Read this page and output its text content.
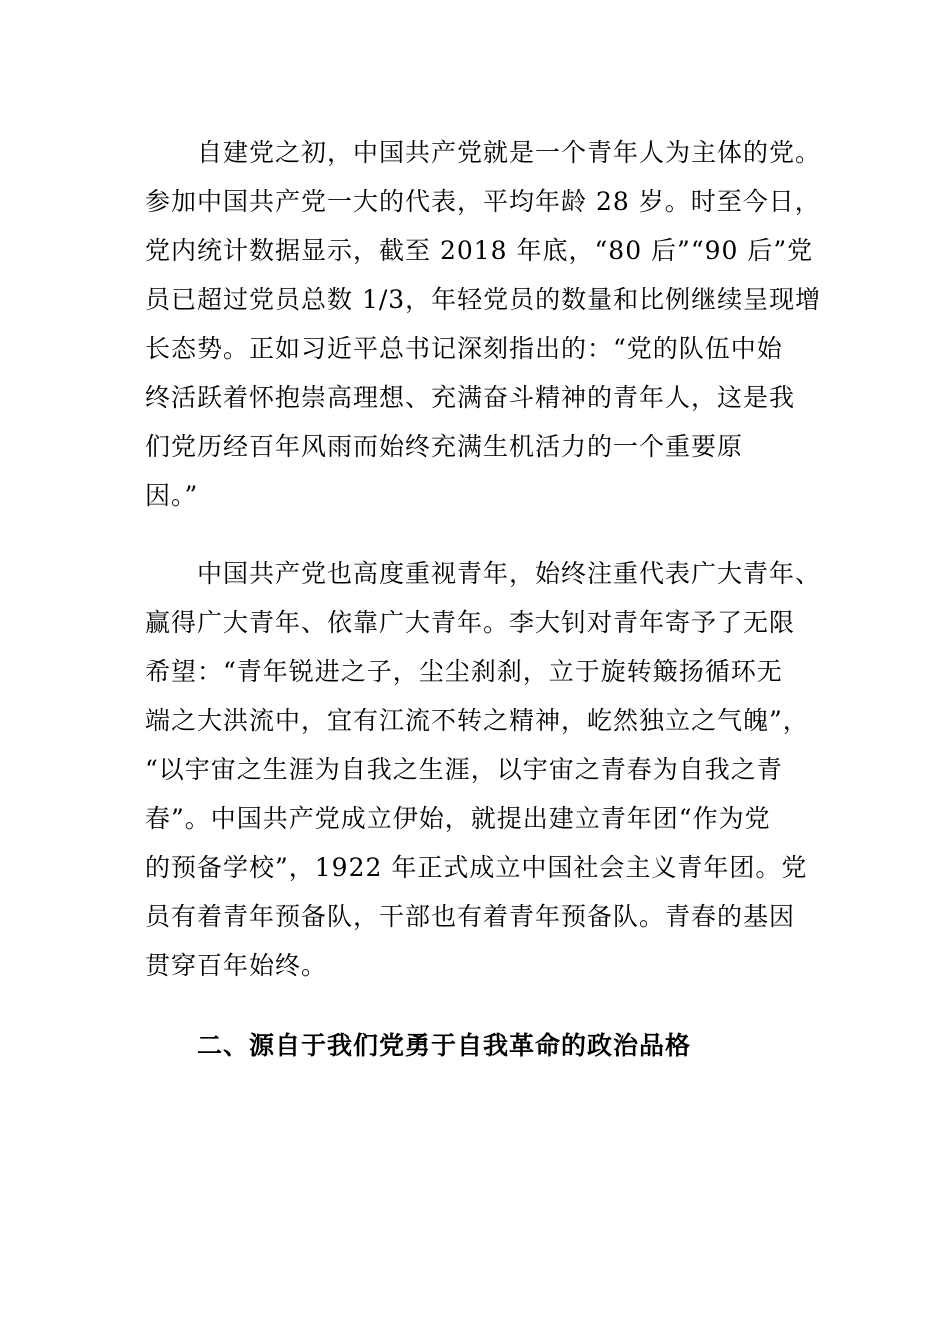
　　自建党之初，中国共产党就是一个青年人为主体的党。
参加中国共产党一大的代表，平均年龄 28 岁。时至今日，
党内统计数据显示，截至 2018 年底，“80 后”“90 后”党
员已超过党员总数 1/3，年轻党员的数量和比例继续呈现增
长态势。正如习近平总书记深刻指出的：“党的队伍中始
终活跃着怀抱崇高理想、充满奋斗精神的青年人，这是我
们党历经百年风雨而始终充满生机活力的一个重要原
因。”
　　中国共产党也高度重视青年，始终注重代表广大青年、
赢得广大青年、依靠广大青年。李大钊对青年寄予了无限
希望：“青年锐进之子，尘尘刹刹，立于旋转簸扬循环无
端之大洪流中，宜有江流不转之精神，屹然独立之气魄”，
“以宇宙之生涯为自我之生涯，以宇宙之青春为自我之青
春”。中国共产党成立伊始，就提出建立青年团“作为党
的预备学校”，1922 年正式成立中国社会主义青年团。党
员有着青年预备队，干部也有着青年预备队。青春的基因
贯穿百年始终。
　　二、源自于我们党勇于自我革命的政治品格
